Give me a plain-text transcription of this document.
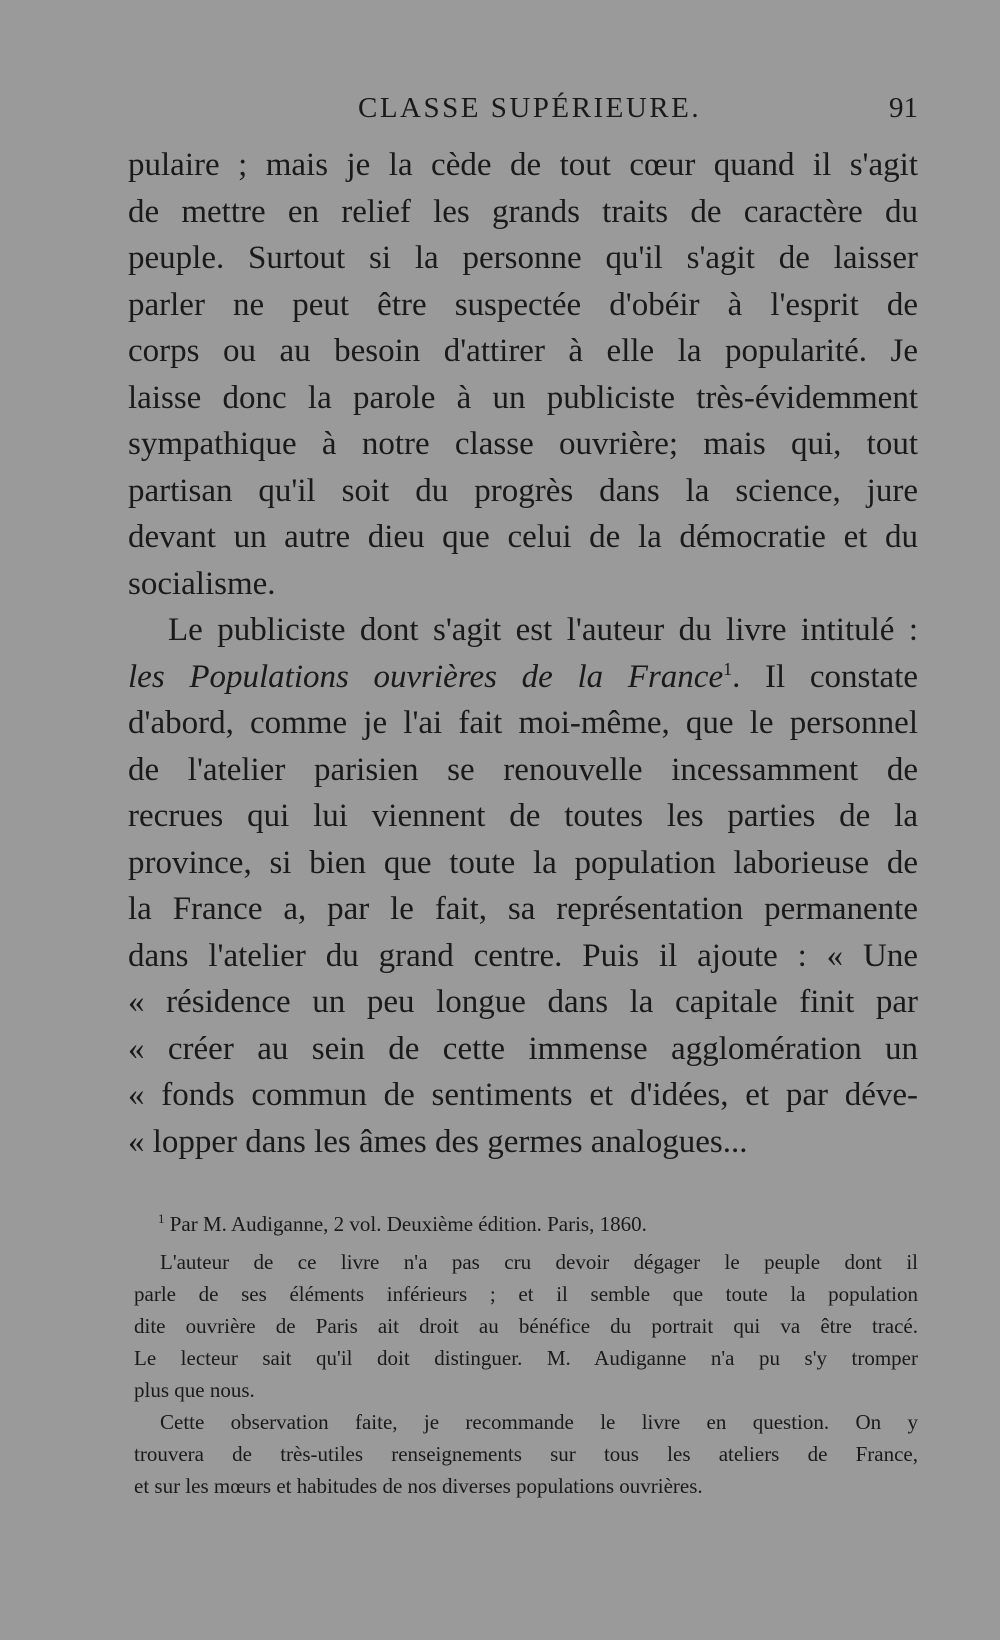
CLASSE SUPÉRIEURE.	91
pulaire ; mais je la cède de tout cœur quand il s'agit
de mettre en relief les grands traits de caractère du
peuple. Surtout si la personne qu'il s'agit de laisser
parler ne peut être suspectée d'obéir à l'esprit de
corps ou au besoin d'attirer à elle la popularité. Je
laisse donc la parole à un publiciste très-évidemment
sympathique à notre classe ouvrière; mais qui, tout
partisan qu'il soit du progrès dans la science, jure
devant un autre dieu que celui de la démocratie et du
socialisme.
Le publiciste dont s'agit est l'auteur du livre intitulé :
les Populations ouvrières de la France$^1$. Il constate
d'abord, comme je l'ai fait moi-même, que le personnel
de l'atelier parisien se renouvelle incessamment de
recrues qui lui viennent de toutes les parties de la
province, si bien que toute la population laborieuse de
la France a, par le fait, sa représentation permanente
dans l'atelier du grand centre. Puis il ajoute : « Une
« résidence un peu longue dans la capitale finit par
« créer au sein de cette immense agglomération un
« fonds commun de sentiments et d'idées, et par déve-
« lopper dans les âmes des germes analogues...
$^1$ Par M. Audiganne, 2 vol. Deuxième édition. Paris, 1860.
L'auteur de ce livre n'a pas cru devoir dégager le peuple dont il
parle de ses éléments inférieurs ; et il semble que toute la population
dite ouvrière de Paris ait droit au bénéfice du portrait qui va être tracé.
Le lecteur sait qu'il doit distinguer. M. Audiganne n'a pu s'y tromper
plus que nous.
Cette observation faite, je recommande le livre en question. On y
trouvera de très-utiles renseignements sur tous les ateliers de France,
et sur les mœurs et habitudes de nos diverses populations ouvrières.
